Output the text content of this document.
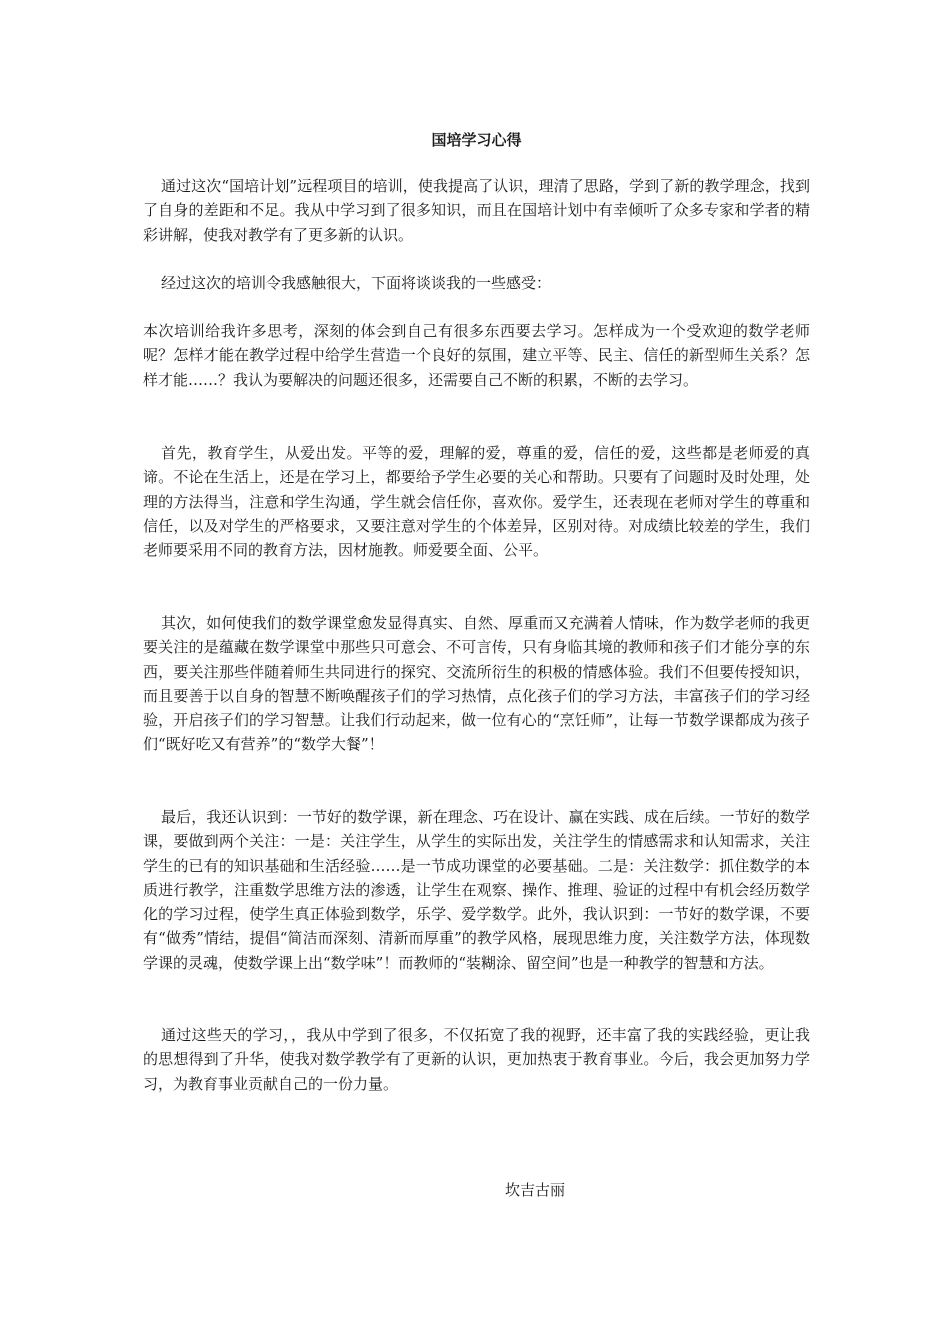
国培学习心得

通过这次“国培计划”远程项目的培训，使我提高了认识，理清了思路，学到了新的教学理念，找到了自身的差距和不足。我从中学习到了很多知识，而且在国培计划中有幸倾听了众多专家和学者的精彩讲解，使我对教学有了更多新的认识。

经过这次的培训令我感触很大，下面将谈谈我的一些感受：

本次培训给我许多思考，深刻的体会到自己有很多东西要去学习。怎样成为一个受欢迎的数学老师呢？怎样才能在教学过程中给学生营造一个良好的氛围，建立平等、民主、信任的新型师生关系？怎样才能……？我认为要解决的问题还很多，还需要自己不断的积累，不断的去学习。

首先，教育学生，从爱出发。平等的爱，理解的爱，尊重的爱，信任的爱，这些都是老师爱的真谛。不论在生活上，还是在学习上，都要给予学生必要的关心和帮助。只要有了问题时及时处理，处理的方法得当，注意和学生沟通，学生就会信任你，喜欢你。爱学生，还表现在老师对学生的尊重和信任，以及对学生的严格要求，又要注意对学生的个体差异，区别对待。对成绩比较差的学生，我们老师要采用不同的教育方法，因材施教。师爱要全面、公平。

其次，如何使我们的数学课堂愈发显得真实、自然、厚重而又充满着人情味，作为数学老师的我更要关注的是蕴藏在数学课堂中那些只可意会、不可言传，只有身临其境的教师和孩子们才能分享的东西，要关注那些伴随着师生共同进行的探究、交流所衍生的积极的情感体验。我们不但要传授知识，而且要善于以自身的智慧不断唤醒孩子们的学习热情，点化孩子们的学习方法，丰富孩子们的学习经验，开启孩子们的学习智慧。让我们行动起来，做一位有心的“烹饪师”，让每一节数学课都成为孩子们“既好吃又有营养”的“数学大餐”！

最后，我还认识到：一节好的数学课，新在理念、巧在设计、赢在实践、成在后续。一节好的数学课，要做到两个关注：一是：关注学生，从学生的实际出发，关注学生的情感需求和认知需求，关注学生的已有的知识基础和生活经验……是一节成功课堂的必要基础。二是：关注数学：抓住数学的本质进行教学，注重数学思维方法的渗透，让学生在观察、操作、推理、验证的过程中有机会经历数学化的学习过程，使学生真正体验到数学，乐学、爱学数学。此外，我认识到：一节好的数学课，不要有“做秀”情结，提倡“简洁而深刻、清新而厚重”的教学风格，展现思维力度，关注数学方法，体现数学课的灵魂，使数学课上出“数学味”！而教师的“装糊涂、留空间”也是一种教学的智慧和方法。

通过这些天的学习，，我从中学到了很多，不仅拓宽了我的视野，还丰富了我的实践经验，更让我的思想得到了升华，使我对数学教学有了更新的认识，更加热衷于教育事业。今后，我会更加努力学习，为教育事业贡献自己的一份力量。

坎吉古丽
